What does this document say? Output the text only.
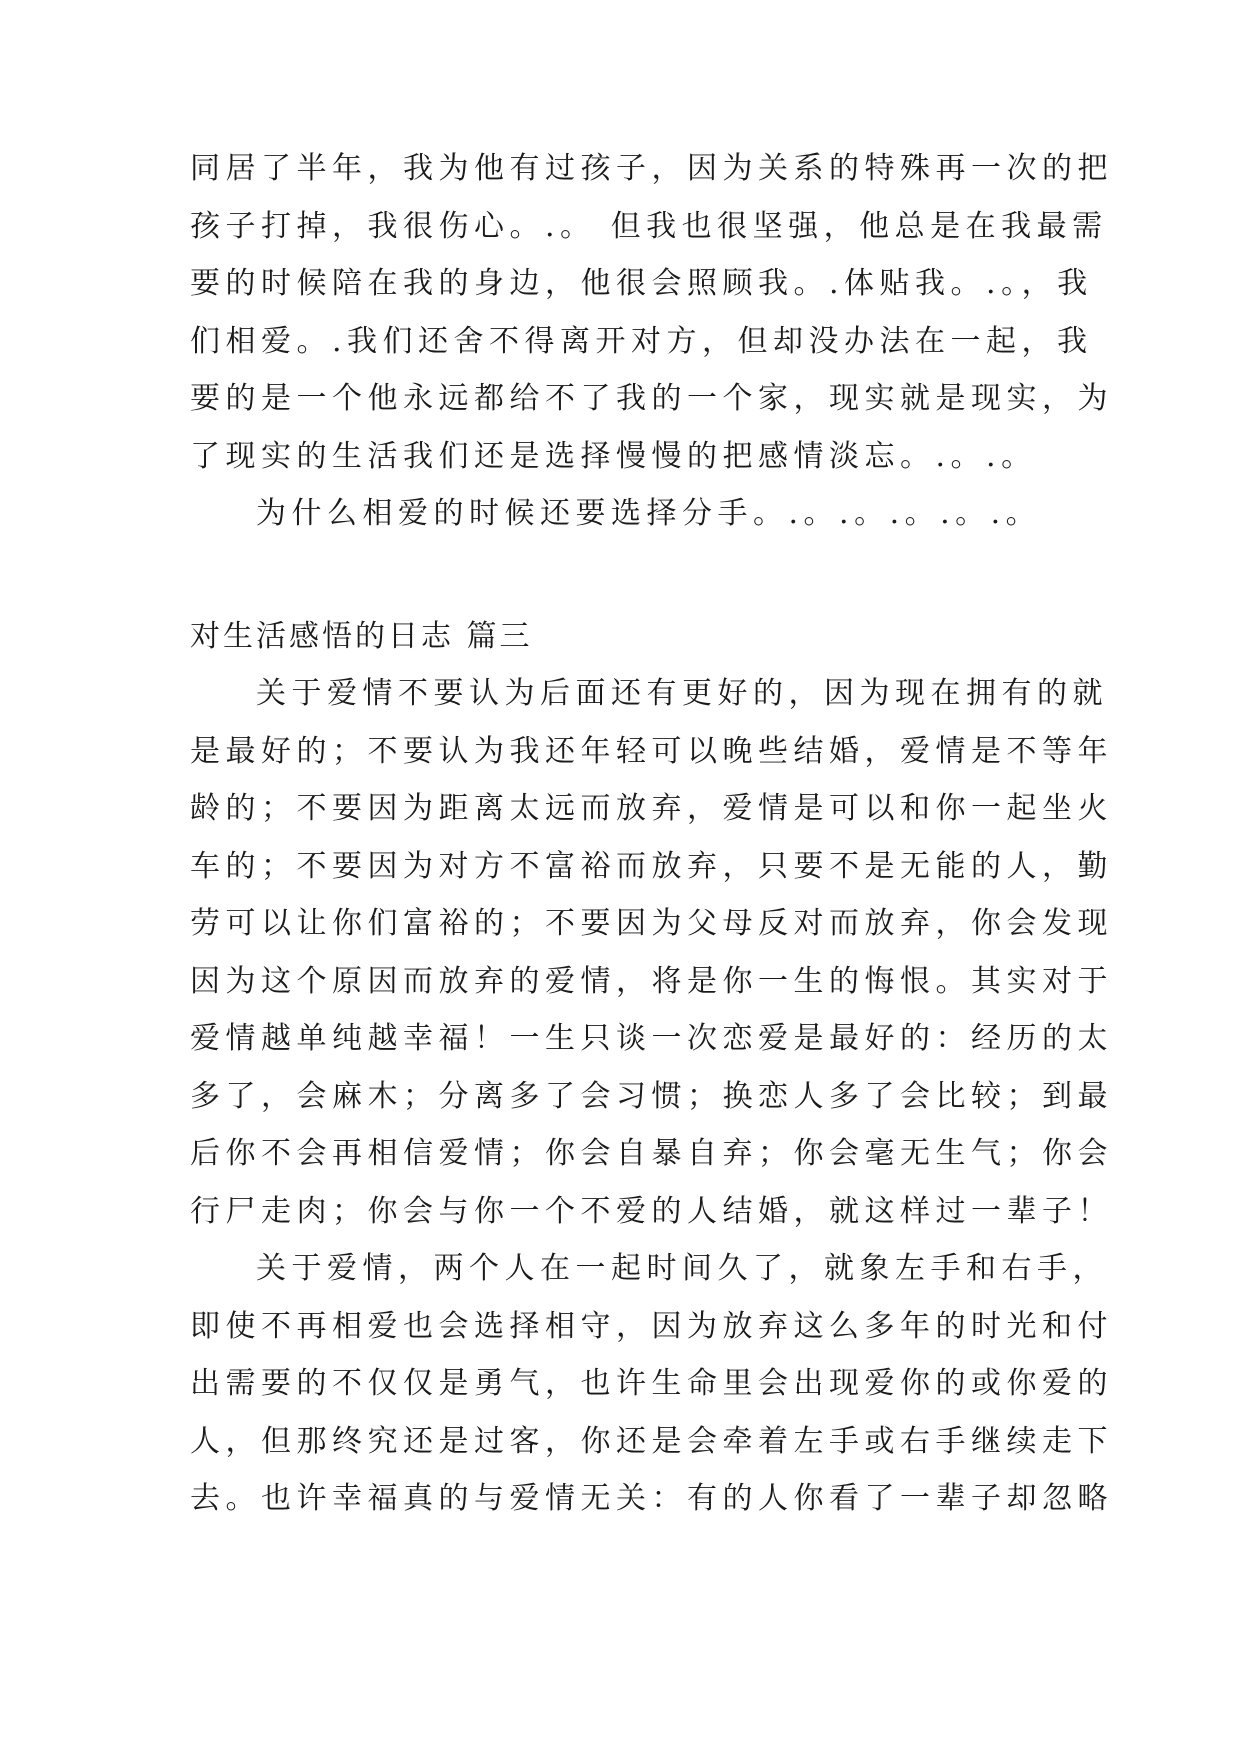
同居了半年，我为他有过孩子，因为关系的特殊再一次的把
孩子打掉，我很伤心。.。 但我也很坚强，他总是在我最需
要的时候陪在我的身边，他很会照顾我。.体贴我。.。，我
们相爱。.我们还舍不得离开对方，但却没办法在一起，我
要的是一个他永远都给不了我的一个家，现实就是现实，为
了现实的生活我们还是选择慢慢的把感情淡忘。.。.。
为什么相爱的时候还要选择分手。.。.。.。.。.。
对生活感悟的日志 篇三
关于爱情不要认为后面还有更好的，因为现在拥有的就
是最好的；不要认为我还年轻可以晚些结婚，爱情是不等年
龄的；不要因为距离太远而放弃，爱情是可以和你一起坐火
车的；不要因为对方不富裕而放弃，只要不是无能的人，勤
劳可以让你们富裕的；不要因为父母反对而放弃，你会发现
因为这个原因而放弃的爱情，将是你一生的悔恨。其实对于
爱情越单纯越幸福！一生只谈一次恋爱是最好的：经历的太
多了，会麻木；分离多了会习惯；换恋人多了会比较；到最
后你不会再相信爱情；你会自暴自弃；你会毫无生气；你会
行尸走肉；你会与你一个不爱的人结婚，就这样过一辈子！
关于爱情，两个人在一起时间久了，就象左手和右手，
即使不再相爱也会选择相守，因为放弃这么多年的时光和付
出需要的不仅仅是勇气，也许生命里会出现爱你的或你爱的
人，但那终究还是过客，你还是会牵着左手或右手继续走下
去。也许幸福真的与爱情无关：有的人你看了一辈子却忽略
